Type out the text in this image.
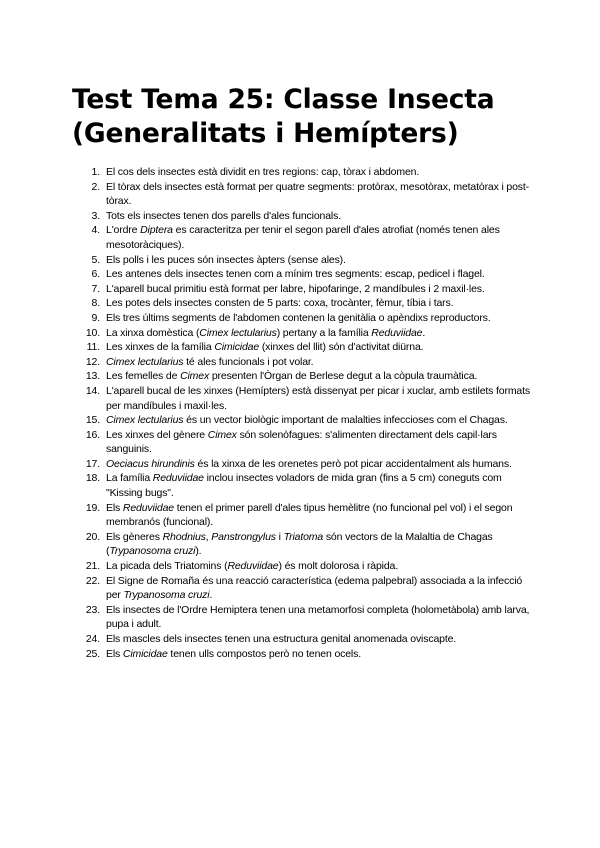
Test Tema 25: Classe Insecta
(Generalitats i Hemípters)
1. El cos dels insectes està dividit en tres regions: cap, tòrax i abdomen.
2. El tòrax dels insectes està format per quatre segments: protòrax, mesotòrax, metatòrax i post-tòrax.
3. Tots els insectes tenen dos parells d'ales funcionals.
4. L'ordre Diptera es caracteritza per tenir el segon parell d'ales atrofiat (només tenen ales mesotoràciques).
5. Els polls i les puces són insectes àpters (sense ales).
6. Les antenes dels insectes tenen com a mínim tres segments: escap, pedicel i flagel.
7. L'aparell bucal primitiu està format per labre, hipofaringe, 2 mandíbules i 2 maxil·les.
8. Les potes dels insectes consten de 5 parts: coxa, trocànter, fèmur, tíbia i tars.
9. Els tres últims segments de l'abdomen contenen la genitàlia o apèndixs reproductors.
10. La xinxa domèstica (Cimex lectularius) pertany a la família Reduviidae.
11. Les xinxes de la família Cimicidae (xinxes del llit) són d'activitat diürna.
12. Cimex lectularius té ales funcionals i pot volar.
13. Les femelles de Cimex presenten l'Òrgan de Berlese degut a la còpula traumàtica.
14. L'aparell bucal de les xinxes (Hemípters) està dissenyat per picar i xuclar, amb estilets formats per mandíbules i maxil·les.
15. Cimex lectularius és un vector biològic important de malalties infeccioses com el Chagas.
16. Les xinxes del gènere Cimex són solenòfagues: s'alimenten directament dels capil·lars sanguinis.
17. Oeciacus hirundinis és la xinxa de les orenetes però pot picar accidentalment als humans.
18. La família Reduviidae inclou insectes voladors de mida gran (fins a 5 cm) coneguts com "Kissing bugs".
19. Els Reduviidae tenen el primer parell d'ales tipus hemèlitre (no funcional pel vol) i el segon membranós (funcional).
20. Els gèneres Rhodnius, Panstrongylus i Triatoma són vectors de la Malaltia de Chagas (Trypanosoma cruzi).
21. La picada dels Triatomins (Reduviidae) és molt dolorosa i ràpida.
22. El Signe de Romaña és una reacció característica (edema palpebral) associada a la infecció per Trypanosoma cruzi.
23. Els insectes de l'Ordre Hemiptera tenen una metamorfosi completa (holometàbola) amb larva, pupa i adult.
24. Els mascles dels insectes tenen una estructura genital anomenada oviscapte.
25. Els Cimicidae tenen ulls compostos però no tenen ocels.
